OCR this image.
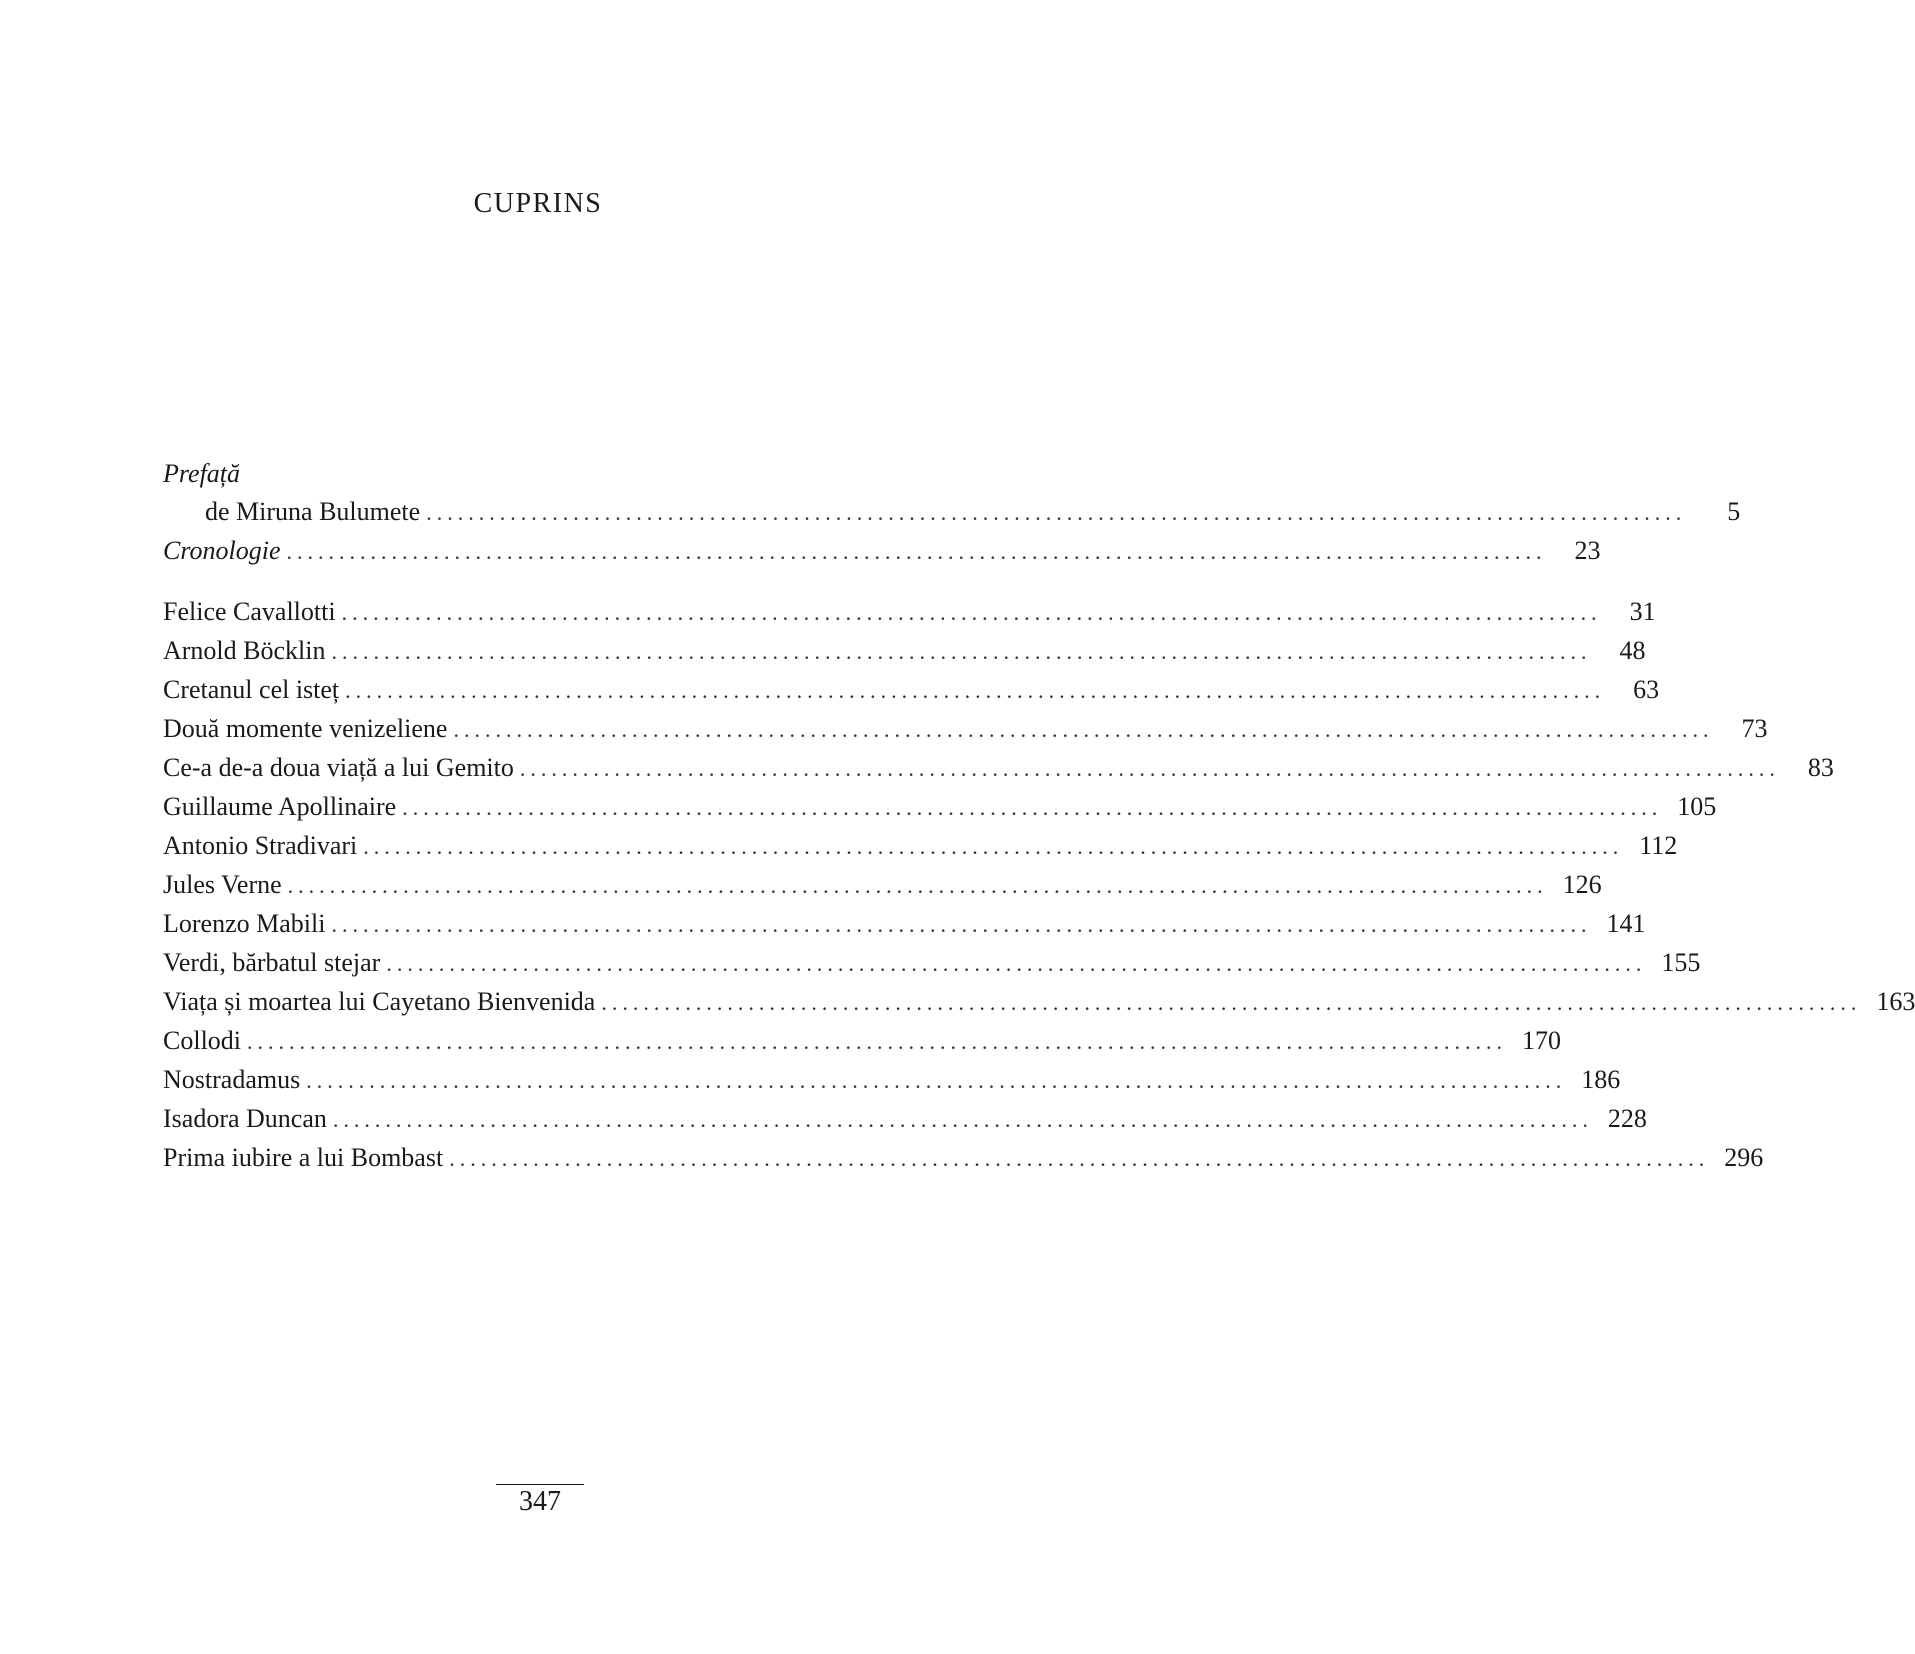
CUPRINS
Prefață
de Miruna Bulumete ........................................................................................................................	5
Cronologie ........................................................................................................................	23
Felice Cavallotti ........................................................................................................................	31
Arnold Böcklin ........................................................................................................................	48
Cretanul cel isteț ........................................................................................................................	63
Două momente venizeliene ........................................................................................................................	73
Ce-a de-a doua viață a lui Gemito ........................................................................................................................	83
Guillaume Apollinaire ........................................................................................................................ 105
Antonio Stradivari ........................................................................................................................ 112
Jules Verne ........................................................................................................................ 126
Lorenzo Mabili ........................................................................................................................ 141
Verdi, bărbatul stejar ........................................................................................................................ 155
Viața și moartea lui Cayetano Bienvenida ........................................................................................................................ 163
Collodi ........................................................................................................................ 170
Nostradamus ........................................................................................................................ 186
Isadora Duncan ........................................................................................................................ 228
Prima iubire a lui Bombast ........................................................................................................................ 296
347
